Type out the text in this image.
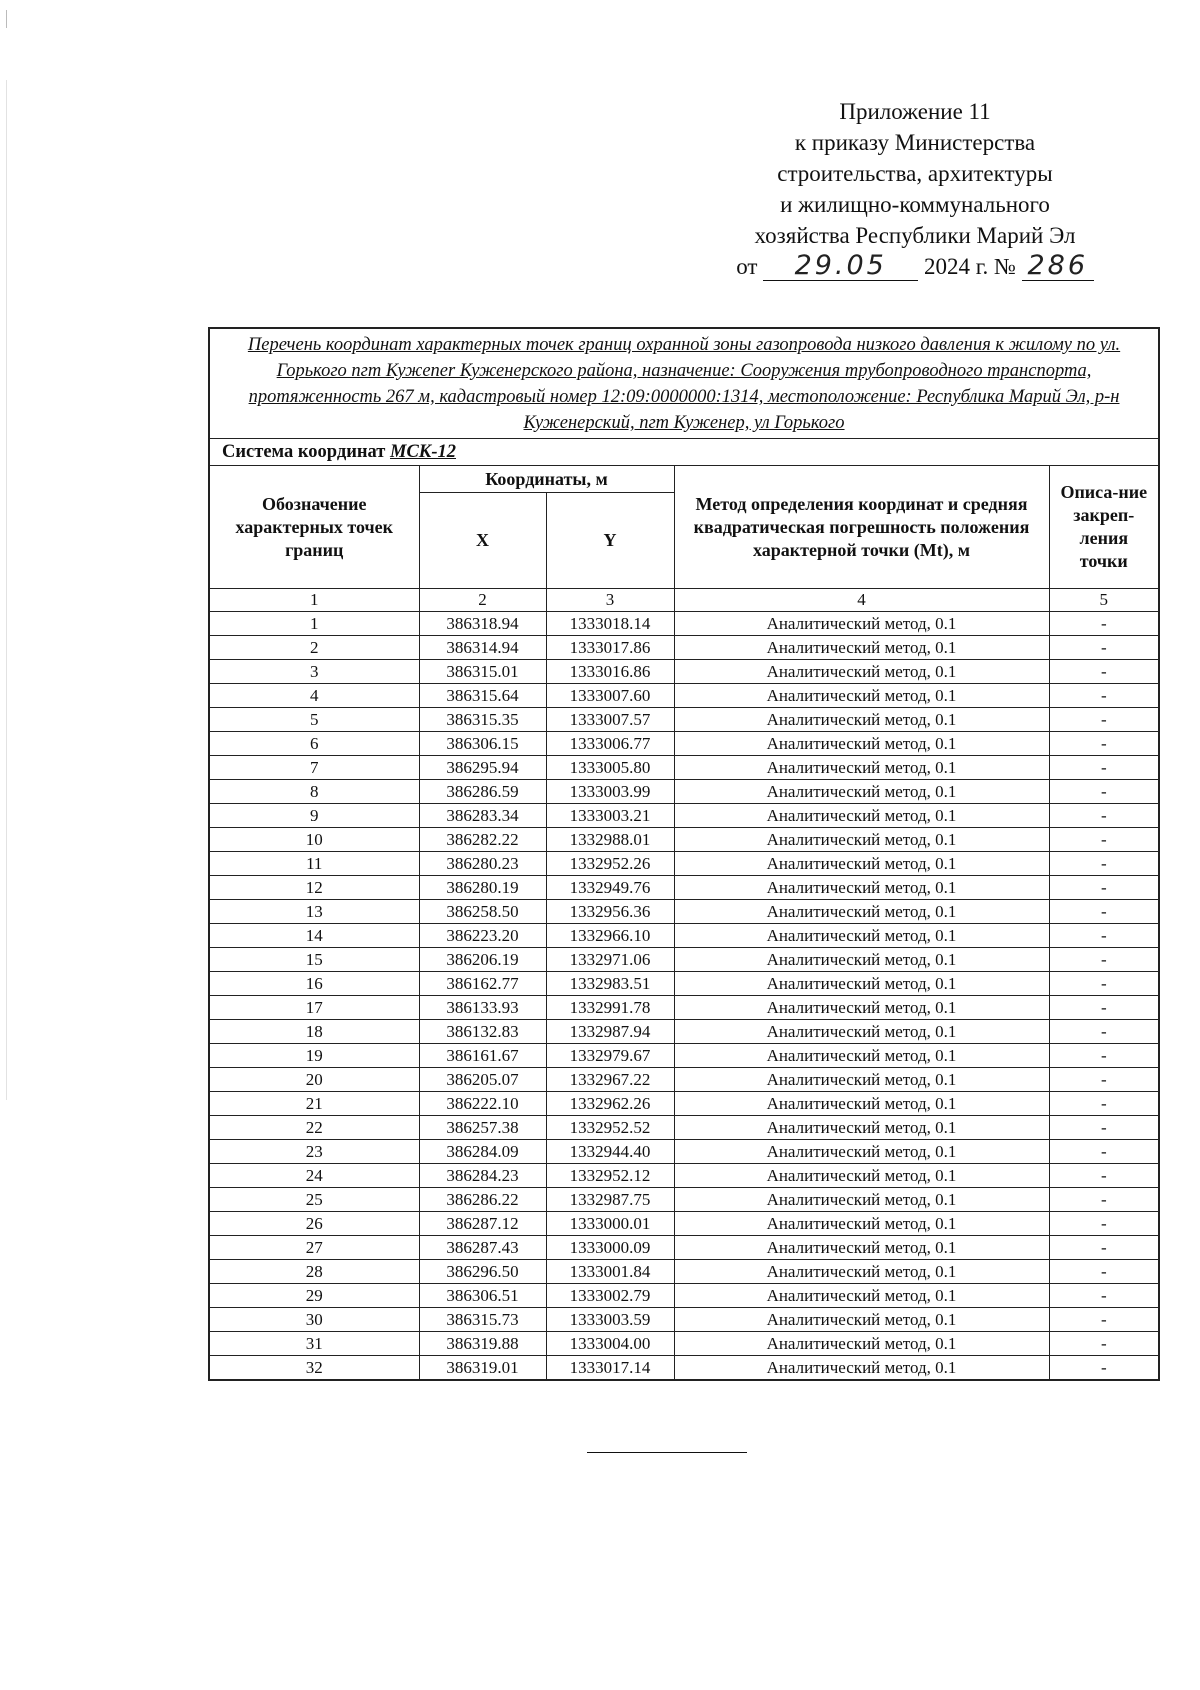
Приложение 11
к приказу Министерства
строительства, архитектуры
и жилищно-коммунального
хозяйства Республики Марий Эл
от 29.05 2024 г. № 286
Перечень координат характерных точек границ охранной зоны газопровода низкого давления к жилому по ул. Горького пгт Кужener Куженерского района, назначение: Сооружения трубопроводного транспорта, протяженность 267 м, кадастровый номер 12:09:0000000:1314, местоположение: Республика Марий Эл, р-н Куженерский, пгт Куженер, ул Горького				
Система координат МСК-12				
Обозначение характерных точек границ	Координаты, м		Метод определения координат и средняя квадратическая погрешность положения характерной точки (Mt), м	Описа-ние закреп-ления точки
	X	Y		
1	2	3	4	5
1	386318.94	1333018.14	Аналитический метод, 0.1	-
2	386314.94	1333017.86	Аналитический метод, 0.1	-
3	386315.01	1333016.86	Аналитический метод, 0.1	-
4	386315.64	1333007.60	Аналитический метод, 0.1	-
5	386315.35	1333007.57	Аналитический метод, 0.1	-
6	386306.15	1333006.77	Аналитический метод, 0.1	-
7	386295.94	1333005.80	Аналитический метод, 0.1	-
8	386286.59	1333003.99	Аналитический метод, 0.1	-
9	386283.34	1333003.21	Аналитический метод, 0.1	-
10	386282.22	1332988.01	Аналитический метод, 0.1	-
11	386280.23	1332952.26	Аналитический метод, 0.1	-
12	386280.19	1332949.76	Аналитический метод, 0.1	-
13	386258.50	1332956.36	Аналитический метод, 0.1	-
14	386223.20	1332966.10	Аналитический метод, 0.1	-
15	386206.19	1332971.06	Аналитический метод, 0.1	-
16	386162.77	1332983.51	Аналитический метод, 0.1	-
17	386133.93	1332991.78	Аналитический метод, 0.1	-
18	386132.83	1332987.94	Аналитический метод, 0.1	-
19	386161.67	1332979.67	Аналитический метод, 0.1	-
20	386205.07	1332967.22	Аналитический метод, 0.1	-
21	386222.10	1332962.26	Аналитический метод, 0.1	-
22	386257.38	1332952.52	Аналитический метод, 0.1	-
23	386284.09	1332944.40	Аналитический метод, 0.1	-
24	386284.23	1332952.12	Аналитический метод, 0.1	-
25	386286.22	1332987.75	Аналитический метод, 0.1	-
26	386287.12	1333000.01	Аналитический метод, 0.1	-
27	386287.43	1333000.09	Аналитический метод, 0.1	-
28	386296.50	1333001.84	Аналитический метод, 0.1	-
29	386306.51	1333002.79	Аналитический метод, 0.1	-
30	386315.73	1333003.59	Аналитический метод, 0.1	-
31	386319.88	1333004.00	Аналитический метод, 0.1	-
32	386319.01	1333017.14	Аналитический метод, 0.1	-
